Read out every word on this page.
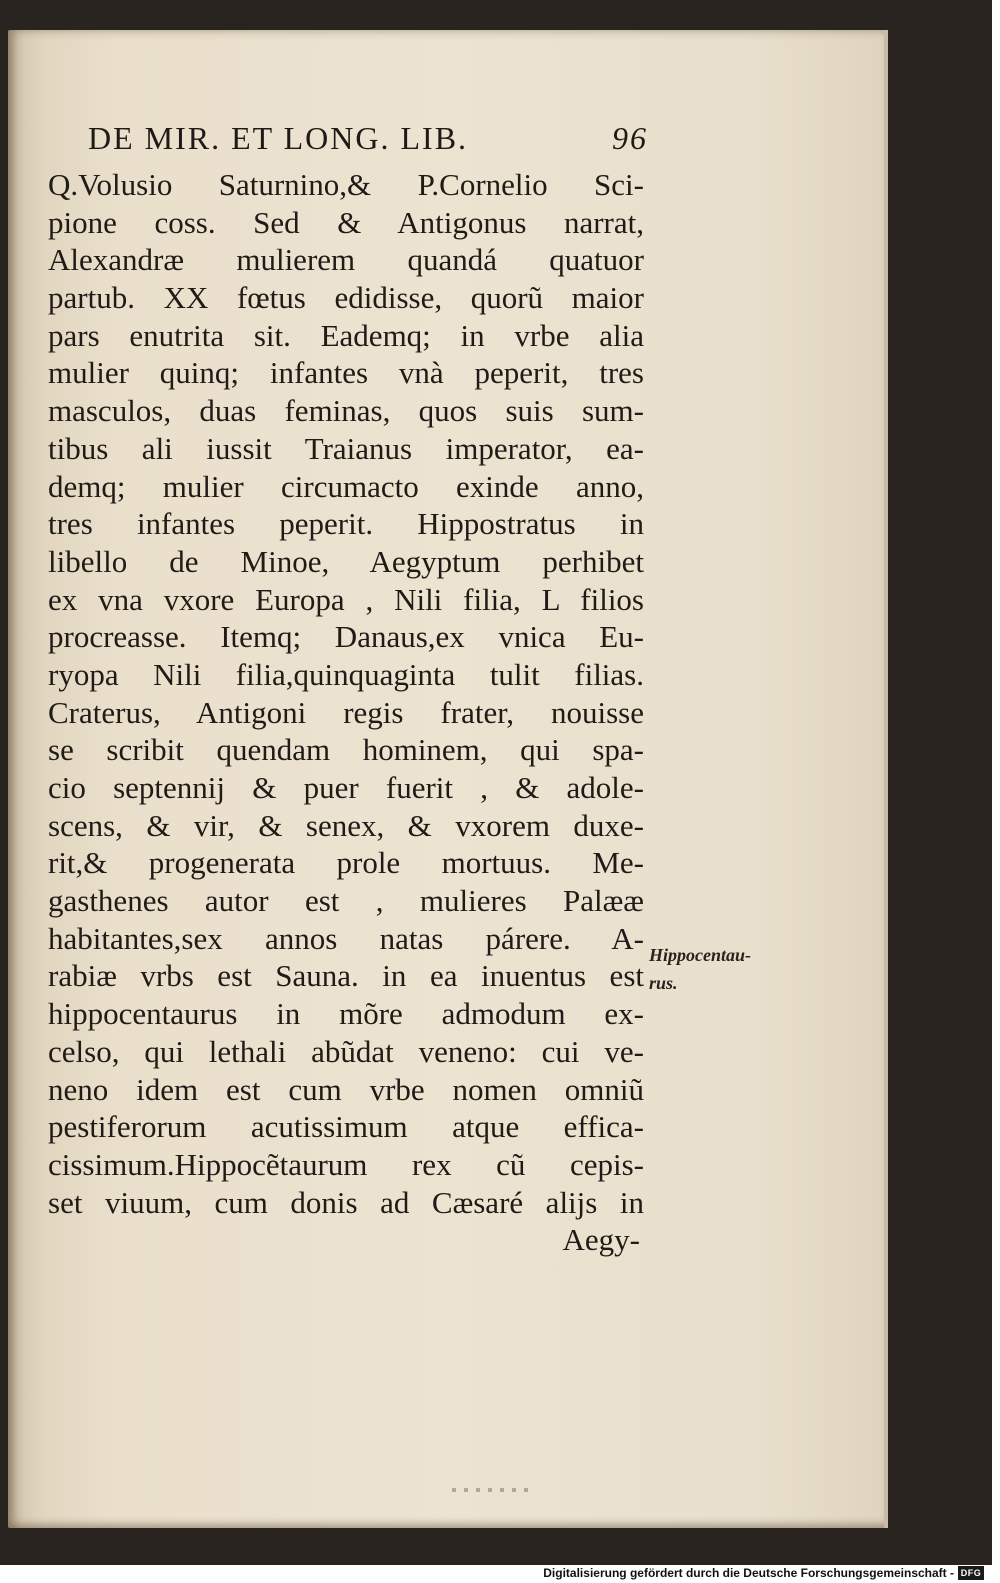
DE MIR. ET LONG. LIB.	96
Q.Volusio Saturnino,& P.Cornelio Sci-
pione coss. Sed & Antigonus narrat,
Alexandræ mulierem quandá quatuor
partub. XX fœtus edidisse, quorũ maior
pars enutrita sit. Eademq; in vrbe alia
mulier quinq; infantes vnà peperit, tres
masculos, duas feminas, quos suis sum-
tibus ali iussit Traianus imperator, ea-
demq; mulier circumacto exinde anno,
tres infantes peperit. Hippostratus in
libello de Minoe, Aegyptum perhibet
ex vna vxore Europa , Nili filia, L filios
procreasse. Itemq; Danaus,ex vnica Eu-
ryopa Nili filia,quinquaginta tulit filias.
Craterus, Antigoni regis frater, nouisse
se scribit quendam hominem, qui spa-
cio septennij & puer fuerit , & adole-
scens, & vir, & senex, & vxorem duxe-
rit,& progenerata prole mortuus. Me-
gasthenes autor est , mulieres Palææ
habitantes,sex annos natas párere. A-
rabiæ vrbs est Sauna. in ea inuentus est
hippocentaurus in mõre admodum ex-
celso, qui lethali abũdat veneno: cui ve-
neno idem est cum vrbe nomen omniũ
pestiferorum acutissimum atque effica-
cissimum.Hippocẽtaurum rex cũ cepis-
set viuum, cum donis ad Cæsaré alijs in
Aegy-
Hippocentau-
rus.
Digitalisierung gefördert durch die Deutsche Forschungsgemeinschaft - DFG
